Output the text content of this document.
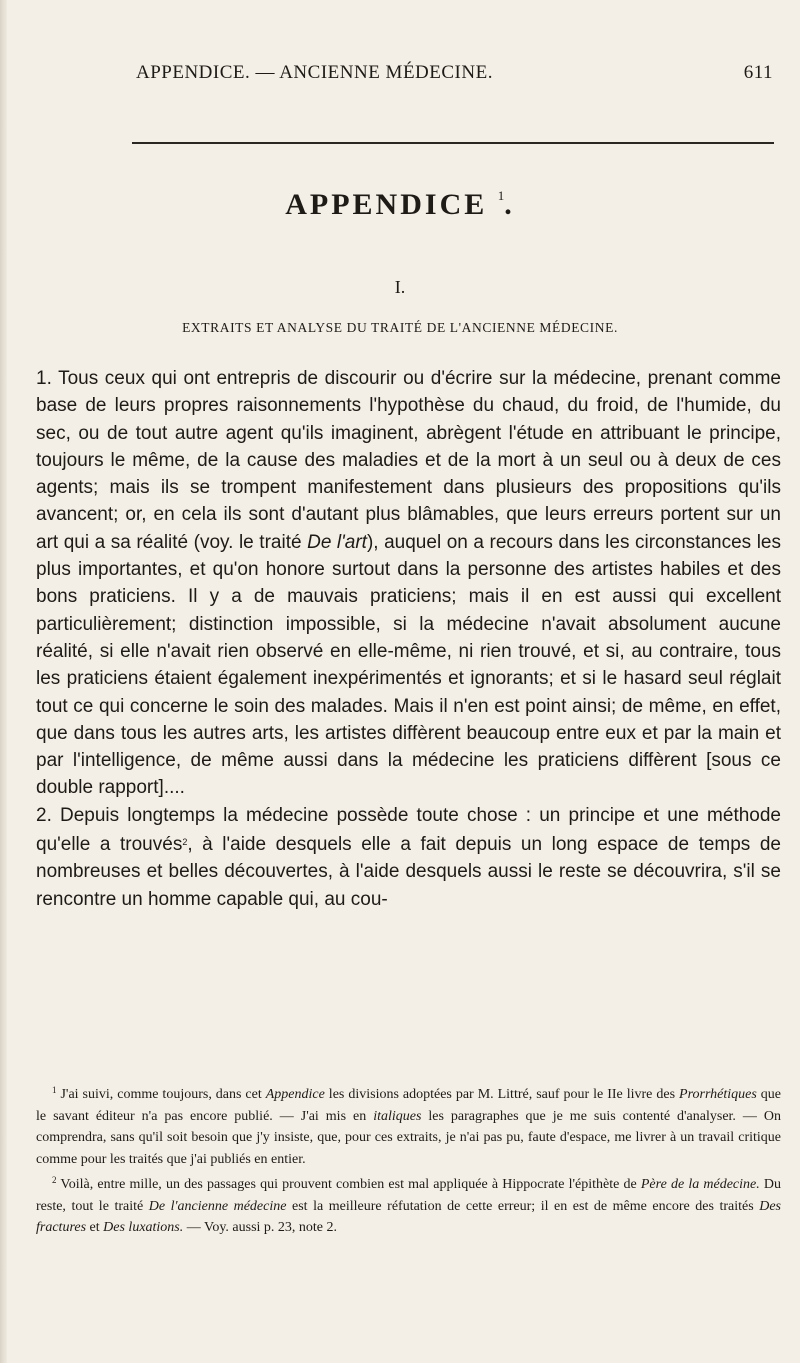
APPENDICE. — ANCIENNE MÉDECINE.	611
APPENDICE $^1$.
I.
EXTRAITS ET ANALYSE DU TRAITÉ DE L'ANCIENNE MÉDECINE.

1. Tous ceux qui ont entrepris de discourir ou d'écrire sur la médecine, prenant comme base de leurs propres raisonnements l'hypothèse du chaud, du froid, de l'humide, du sec, ou de tout autre agent qu'ils imaginent, abrègent l'étude en attribuant le principe, toujours le même, de la cause des maladies et de la mort à un seul ou à deux de ces agents; mais ils se trompent manifestement dans plusieurs des propositions qu'ils avancent; or, en cela ils sont d'autant plus blâmables, que leurs erreurs portent sur un art qui a sa réalité (voy. le traité De l'art), auquel on a recours dans les circonstances les plus importantes, et qu'on honore surtout dans la personne des artistes habiles et des bons praticiens. Il y a de mauvais praticiens; mais il en est aussi qui excellent particulièrement; distinction impossible, si la médecine n'avait absolument aucune réalité, si elle n'avait rien observé en elle-même, ni rien trouvé, et si, au contraire, tous les praticiens étaient également inexpérimentés et ignorants; et si le hasard seul réglait tout ce qui concerne le soin des malades. Mais il n'en est point ainsi; de même, en effet, que dans tous les autres arts, les artistes diffèrent beaucoup entre eux et par la main et par l'intelligence, de même aussi dans la médecine les praticiens diffèrent [sous ce double rapport]....

2. Depuis longtemps la médecine possède toute chose : un principe et une méthode qu'elle a trouvés$^2$, à l'aide desquels elle a fait depuis un long espace de temps de nombreuses et belles découvertes, à l'aide desquels aussi le reste se découvrira, s'il se rencontre un homme capable qui, au cou-

$^1$ J'ai suivi, comme toujours, dans cet Appendice les divisions adoptées par M. Littré, sauf pour le IIe livre des Prorrhétiques que le savant éditeur n'a pas encore publié. — J'ai mis en italiques les paragraphes que je me suis contenté d'analyser. — On comprendra, sans qu'il soit besoin que j'y insiste, que, pour ces extraits, je n'ai pas pu, faute d'espace, me livrer à un travail critique comme pour les traités que j'ai publiés en entier.

$^2$ Voilà, entre mille, un des passages qui prouvent combien est mal appliquée à Hippocrate l'épithète de Père de la médecine. Du reste, tout le traité De l'ancienne médecine est la meilleure réfutation de cette erreur; il en est de même encore des traités Des fractures et Des luxations. — Voy. aussi p. 23, note 2.
